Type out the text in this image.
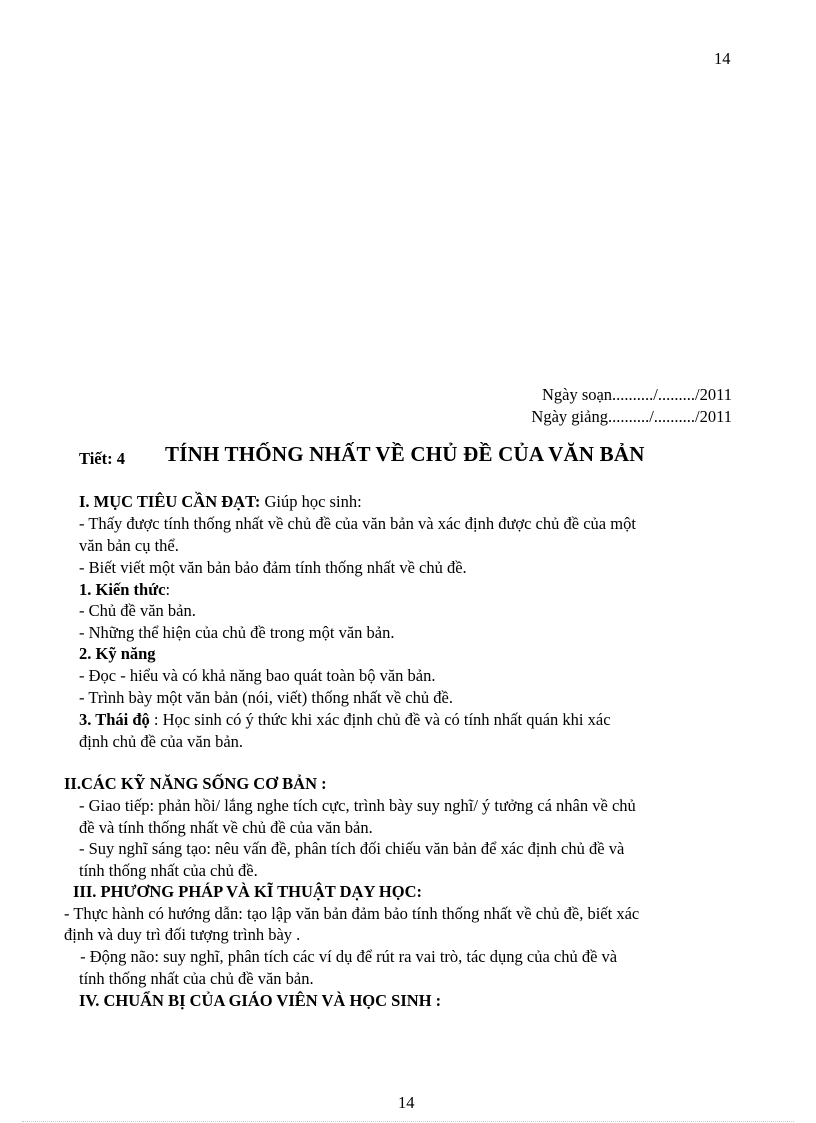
14
Ngày soạn........../........./2011
Ngày giảng........../........../2011
Tiết: 4 TÍNH THỐNG NHẤT VỀ CHỦ ĐỀ CỦA VĂN BẢN
I. MỤC TIÊU CẦN ĐẠT: Giúp học sinh:
- Thấy được tính thống nhất về chủ đề của văn bản và xác định được chủ đề của một
văn bản cụ thể.
- Biết viết một văn bản bảo đảm tính thống nhất về chủ đề.
1. Kiến thức:
- Chủ đề văn bản.
- Những thể hiện của chủ đề trong một văn bản.
2. Kỹ năng
- Đọc - hiểu và có khả năng bao quát toàn bộ văn bản.
- Trình bày một văn bản (nói, viết) thống nhất về chủ đề.
3. Thái độ : Học sinh có ý thức khi xác định chủ đề và có tính nhất quán khi xác
định chủ đề của văn bản.
II.CÁC KỸ NĂNG SỐNG CƠ BẢN :
- Giao tiếp: phản hồi/ lắng nghe tích cực, trình bày suy nghĩ/ ý tưởng cá nhân về chủ
đề và tính thống nhất về chủ đề của văn bản.
- Suy nghĩ sáng tạo: nêu vấn đề, phân tích đối chiếu văn bản để xác định chủ đề và
tính thống nhất của chủ đề.
III. PHƯƠNG PHÁP VÀ KĨ THUẬT DẠY HỌC:
- Thực hành có hướng dẫn: tạo lập văn bản đảm bảo tính thống nhất về chủ đề, biết xác
định và duy trì đối tượng trình bày .
- Động não: suy nghĩ, phân tích các ví dụ để rút ra vai trò, tác dụng của chủ đề và
tính thống nhất của chủ đề văn bản.
IV. CHUẨN BỊ CỦA GIÁO VIÊN VÀ HỌC SINH :
14
